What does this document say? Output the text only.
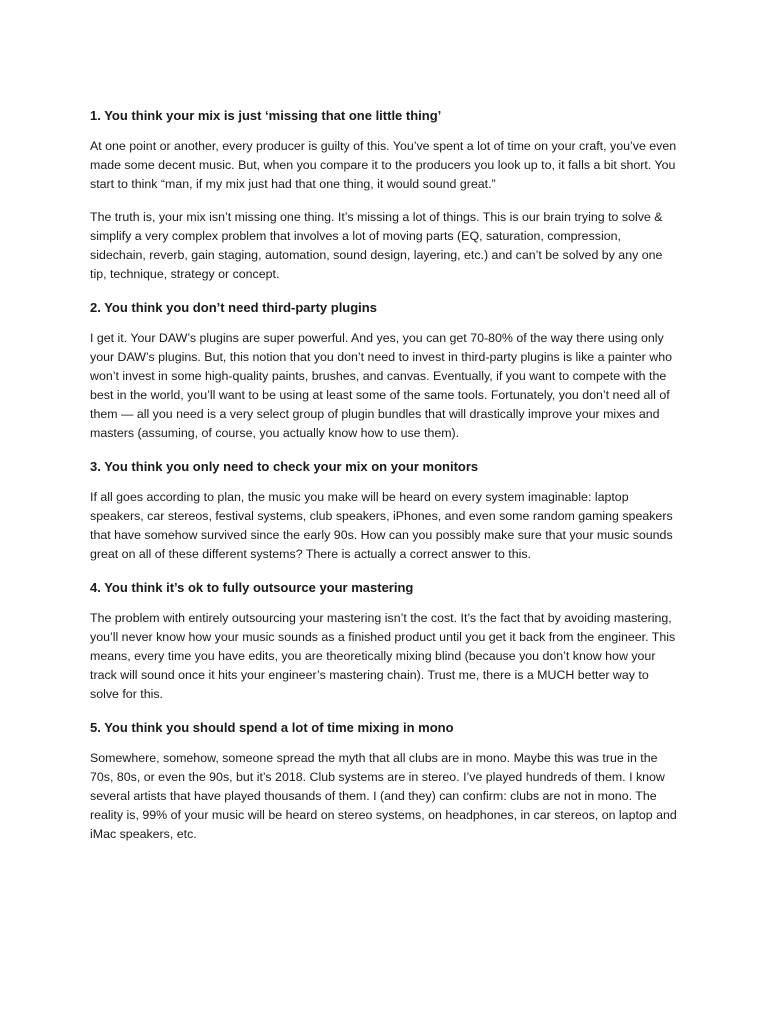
1. You think your mix is just ‘missing that one little thing’

At one point or another, every producer is guilty of this. You’ve spent a lot of time on your craft, you’ve even made some decent music. But, when you compare it to the producers you look up to, it falls a bit short. You start to think “man, if my mix just had that one thing, it would sound great.”

The truth is, your mix isn’t missing one thing. It’s missing a lot of things. This is our brain trying to solve & simplify a very complex problem that involves a lot of moving parts (EQ, saturation, compression, sidechain, reverb, gain staging, automation, sound design, layering, etc.) and can’t be solved by any one tip, technique, strategy or concept.

2. You think you don’t need third-party plugins

I get it. Your DAW’s plugins are super powerful. And yes, you can get 70-80% of the way there using only your DAW’s plugins. But, this notion that you don’t need to invest in third-party plugins is like a painter who won’t invest in some high-quality paints, brushes, and canvas. Eventually, if you want to compete with the best in the world, you’ll want to be using at least some of the same tools. Fortunately, you don’t need all of them — all you need is a very select group of plugin bundles that will drastically improve your mixes and masters (assuming, of course, you actually know how to use them).

3. You think you only need to check your mix on your monitors

If all goes according to plan, the music you make will be heard on every system imaginable: laptop speakers, car stereos, festival systems, club speakers, iPhones, and even some random gaming speakers that have somehow survived since the early 90s. How can you possibly make sure that your music sounds great on all of these different systems? There is actually a correct answer to this.

4. You think it’s ok to fully outsource your mastering

The problem with entirely outsourcing your mastering isn’t the cost. It’s the fact that by avoiding mastering, you’ll never know how your music sounds as a finished product until you get it back from the engineer. This means, every time you have edits, you are theoretically mixing blind (because you don’t know how your track will sound once it hits your engineer’s mastering chain). Trust me, there is a MUCH better way to solve for this.

5. You think you should spend a lot of time mixing in mono

Somewhere, somehow, someone spread the myth that all clubs are in mono. Maybe this was true in the 70s, 80s, or even the 90s, but it’s 2018. Club systems are in stereo. I’ve played hundreds of them. I know several artists that have played thousands of them. I (and they) can confirm: clubs are not in mono. The reality is, 99% of your music will be heard on stereo systems, on headphones, in car stereos, on laptop and iMac speakers, etc.
